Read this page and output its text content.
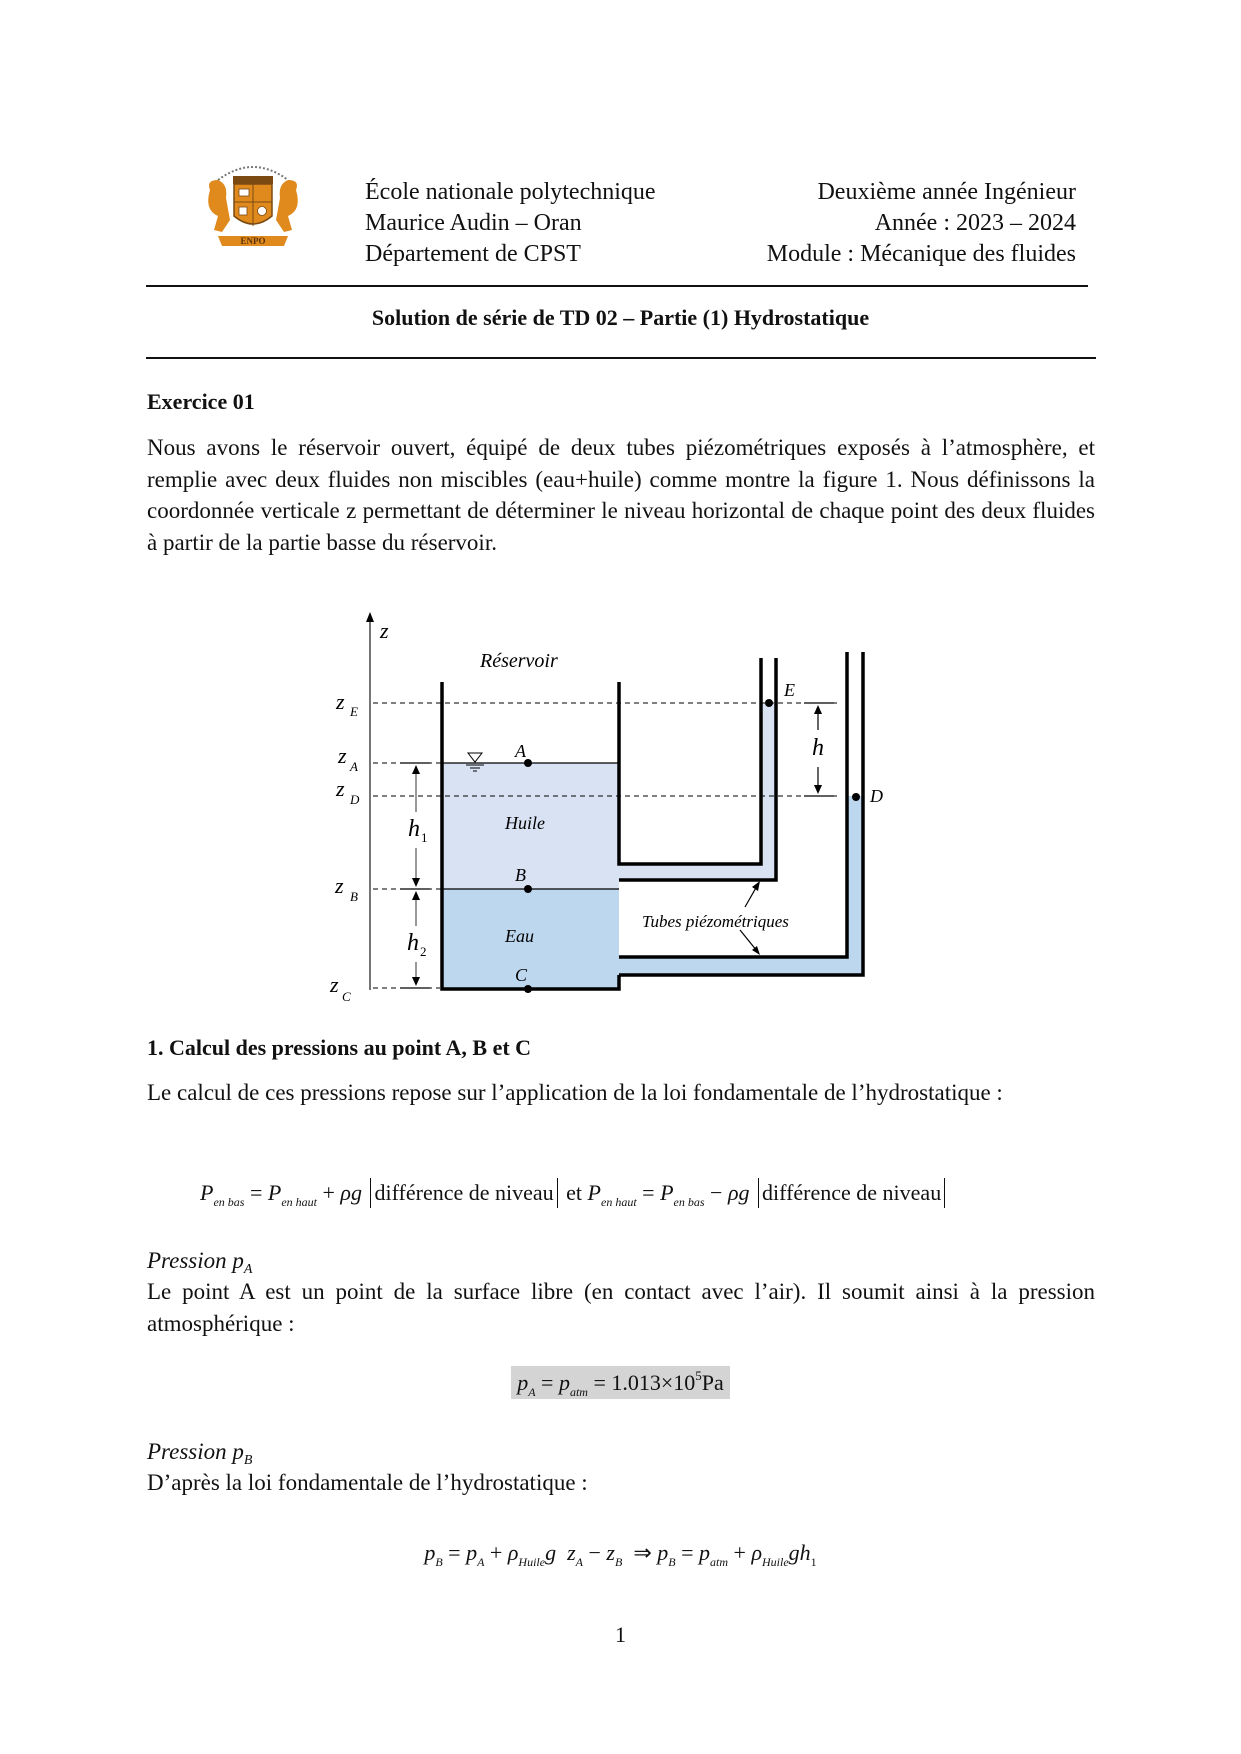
ENPO
École nationale polytechnique
Maurice Audin – Oran
Département de CPST
Deuxième année Ingénieur
Année : 2023 – 2024
Module : Mécanique des fluides
Solution de série de TD 02 – Partie (1) Hydrostatique
Exercice 01
Nous avons le réservoir ouvert, équipé de deux tubes piézométriques exposés à l’atmosphère, et remplie avec deux fluides non miscibles (eau+huile) comme montre la figure 1. Nous définissons la coordonnée verticale z permettant de déterminer le niveau horizontal de chaque point des deux fluides à partir de la partie basse du réservoir.
z
Réservoir
z E
z A
z D
z B
z C
h 1
h 2
h
A
B
C
E
D
Huile
Eau
Tubes piézométriques
1. Calcul des pressions au point A, B et C
Le calcul de ces pressions repose sur l’application de la loi fondamentale de l’hydrostatique :
$P_{en bas} = P_{en haut} + \rho g$ différence de niveau et $P_{en haut} = P_{en bas} - \rho g$ différence de niveau
Pression $p_A$
Le point A est un point de la surface libre (en contact avec l’air). Il soumit ainsi à la pression atmosphérique :
$p_A = p_{atm} = 1.013\times 10^5Pa$
Pression $p_B$
D’après la loi fondamentale de l’hydrostatique :
$p_B = p_A + \rho_{Huile}g$ $z_A - z_B$ ⇒ $p_B = p_{atm} + \rho_{Huile}gh_1$
1
